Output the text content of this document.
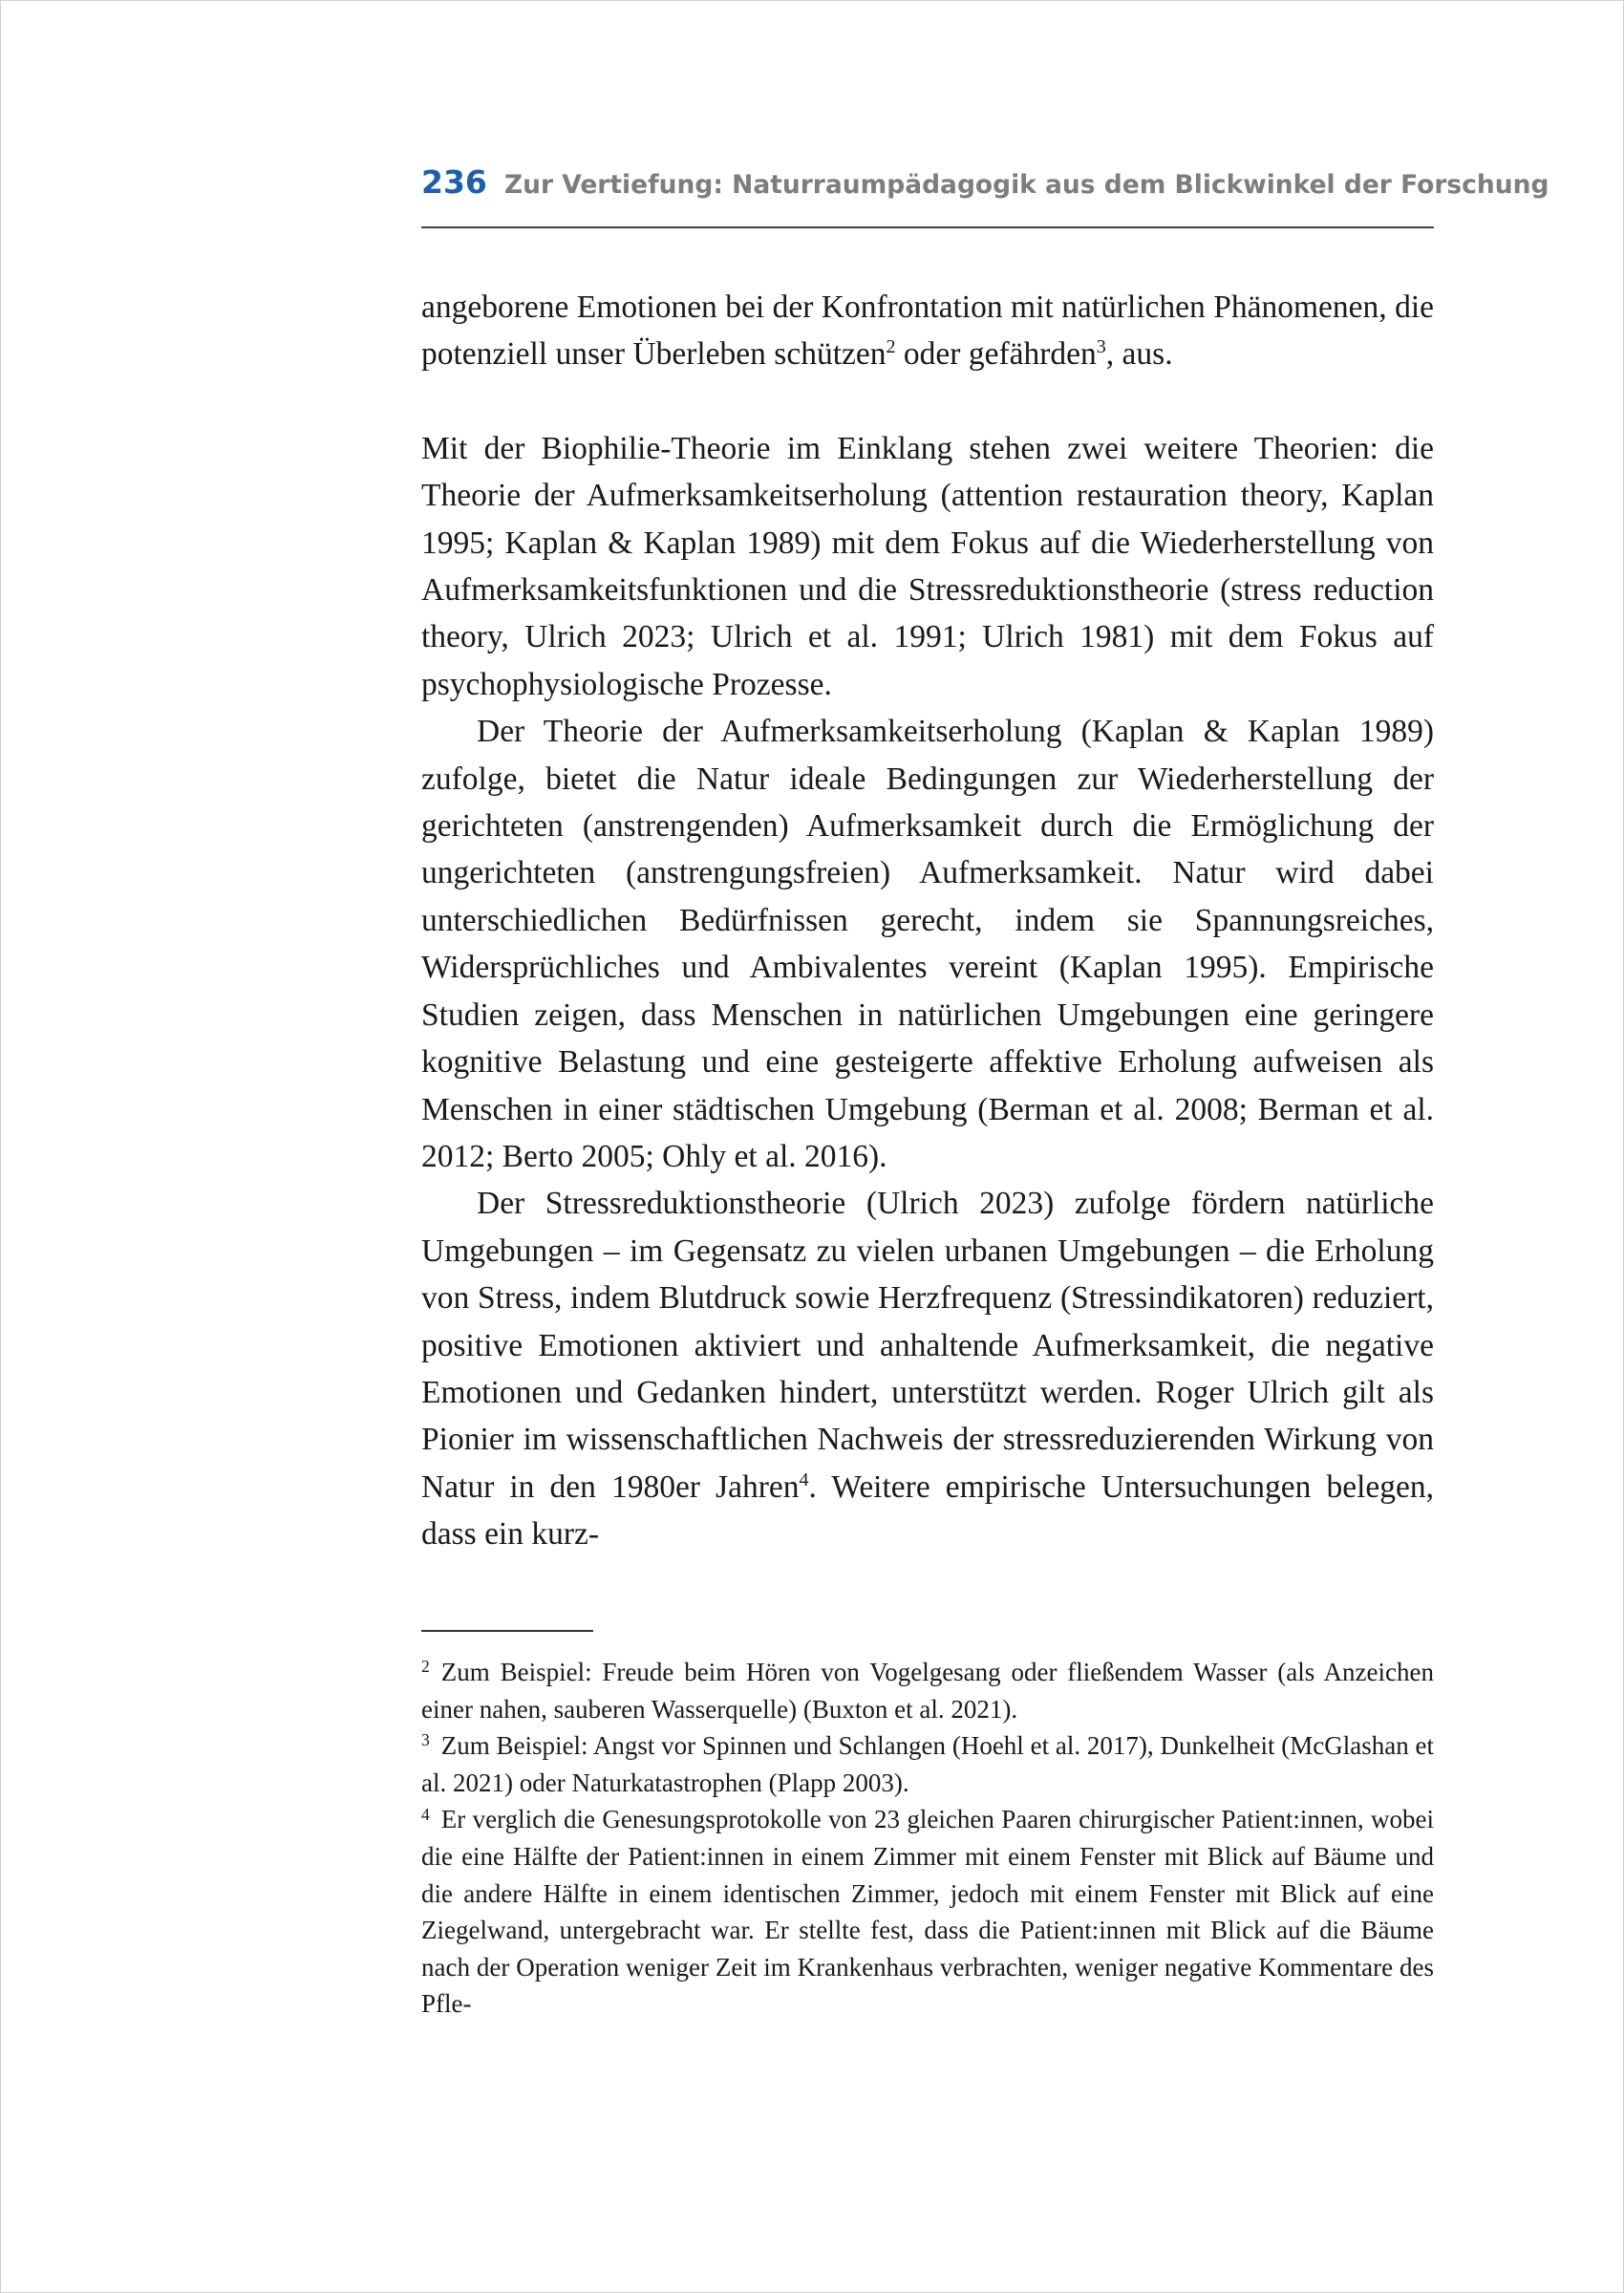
236 Zur Vertiefung: Naturraumpädagogik aus dem Blickwinkel der Forschung

angeborene Emotionen bei der Konfrontation mit natürlichen Phänomenen, die potenziell unser Überleben schützen$^2$ oder gefährden$^3$, aus.

Mit der Biophilie-Theorie im Einklang stehen zwei weitere Theorien: die Theorie der Aufmerksamkeitserholung (attention restauration theory, Kaplan 1995; Kaplan & Kaplan 1989) mit dem Fokus auf die Wiederherstellung von Aufmerksamkeitsfunktionen und die Stressreduktionstheorie (stress reduction theory, Ulrich 2023; Ulrich et al. 1991; Ulrich 1981) mit dem Fokus auf psychophysiologische Prozesse.

Der Theorie der Aufmerksamkeitserholung (Kaplan & Kaplan 1989) zufolge, bietet die Natur ideale Bedingungen zur Wiederherstellung der gerichteten (anstrengenden) Aufmerksamkeit durch die Ermöglichung der ungerichteten (anstrengungsfreien) Aufmerksamkeit. Natur wird dabei unterschiedlichen Bedürfnissen gerecht, indem sie Spannungsreiches, Widersprüchliches und Ambivalentes vereint (Kaplan 1995). Empirische Studien zeigen, dass Menschen in natürlichen Umgebungen eine geringere kognitive Belastung und eine gesteigerte affektive Erholung aufweisen als Menschen in einer städtischen Umgebung (Berman et al. 2008; Berman et al. 2012; Berto 2005; Ohly et al. 2016).

Der Stressreduktionstheorie (Ulrich 2023) zufolge fördern natürliche Umgebungen – im Gegensatz zu vielen urbanen Umgebungen – die Erholung von Stress, indem Blutdruck sowie Herzfrequenz (Stressindikatoren) reduziert, positive Emotionen aktiviert und anhaltende Aufmerksamkeit, die negative Emotionen und Gedanken hindert, unterstützt werden. Roger Ulrich gilt als Pionier im wissenschaftlichen Nachweis der stressreduzierenden Wirkung von Natur in den 1980er Jahren$^4$. Weitere empirische Untersuchungen belegen, dass ein kurz-

$^2$ Zum Beispiel: Freude beim Hören von Vogelgesang oder fließendem Wasser (als Anzeichen einer nahen, sauberen Wasserquelle) (Buxton et al. 2021).

$^3$ Zum Beispiel: Angst vor Spinnen und Schlangen (Hoehl et al. 2017), Dunkelheit (McGlashan et al. 2021) oder Naturkatastrophen (Plapp 2003).

$^4$ Er verglich die Genesungsprotokolle von 23 gleichen Paaren chirurgischer Patient:innen, wobei die eine Hälfte der Patient:innen in einem Zimmer mit einem Fenster mit Blick auf Bäume und die andere Hälfte in einem identischen Zimmer, jedoch mit einem Fenster mit Blick auf eine Ziegelwand, untergebracht war. Er stellte fest, dass die Patient:innen mit Blick auf die Bäume nach der Operation weniger Zeit im Krankenhaus verbrachten, weniger negative Kommentare des Pfle-
